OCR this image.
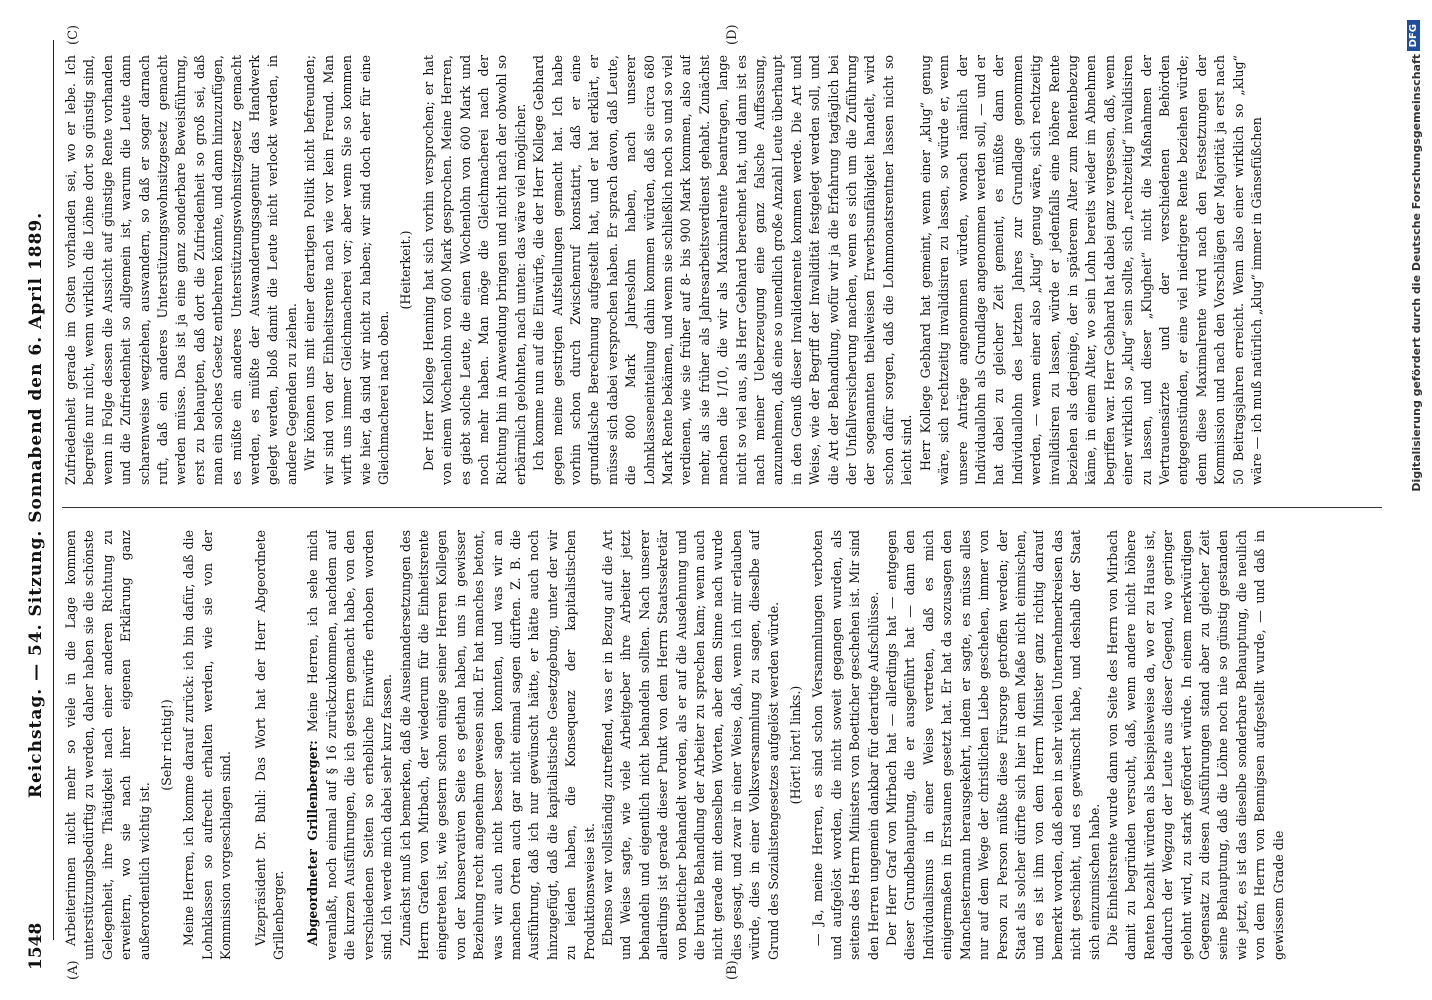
1548
Reichstag. — 54. Sitzung. Sonnabend den 6. April 1889.
(A)	(B)
(C)	(D)

Arbeiterinnen nicht mehr so viele in die Lage kommen unterstützungsbedürftig zu werden, daher haben sie die schönste Gelegenheit, ihre Thätigkeit nach einer anderen Richtung zu erweitern, wo sie nach ihrer eigenen Erklärung ganz außerordentlich wichtig ist.

(Sehr richtig!) Meine Herren, ich komme darauf zurück: ich bin dafür, daß die Lohnklassen so aufrecht erhalten werden, wie sie von der Kommission vorgeschlagen sind. Vizepräsident Dr. Buhl: Das Wort hat der Herr Abgeordnete Grillenberger. Abgeordneter Grillenberger: Meine Herren, ich sehe mich veranlaßt, noch einmal auf § 16 zurückzukommen, nachdem auf die kurzen Ausführungen, die ich gestern gemacht habe, von den verschiedenen Seiten so erhebliche Einwürfe erhoben worden sind. Ich werde mich dabei sehr kurz fassen. Zunächst muß ich bemerken, daß die Auseinandersetzungen des Herrn Grafen von Mirbach, der wiederum für die Einheitsrente eingetreten ist, wie gestern schon einige seiner Herren Kollegen von der konservativen Seite es gethan haben, uns in gewisser Beziehung recht angenehm gewesen sind. Er hat manches betont, was wir auch nicht besser sagen konnten, und was wir an manchen Orten auch gar nicht einmal sagen dürften. Z. B. die Ausführung, daß ich nur gewünscht hätte, er hätte auch noch hinzugefügt, daß die kapitalistische Gesetzgebung, unter der wir zu leiden haben, die Konsequenz der kapitalistischen Produktionsweise ist. Ebenso war vollständig zutreffend, was er in Bezug auf die Art und Weise sagte, wie viele Arbeitgeber ihre Arbeiter jetzt behandeln und eigentlich nicht behandeln sollten. Nach unserer allerdings ist gerade dieser Punkt von dem Herrn Staatssekretär von Boetticher behandelt worden, als er auf die Ausdehnung und die brutale Behandlung der Arbeiter zu sprechen kam; wenn auch nicht gerade mit denselben Worten, aber dem Sinne nach wurde dies gesagt, und zwar in einer Weise, daß, wenn ich mir erlauben würde, dies in einer Volksversammlung zu sagen, dieselbe auf Grund des Sozialistengesetzes aufgelöst werden würde. (Hört! hört! links.) — Ja, meine Herren, es sind schon Versammlungen verboten und aufgelöst worden, die nicht soweit gegangen wurden, als seitens des Herrn Ministers von Boetticher geschehen ist. Mir sind den Herren ungemein dankbar für derartige Aufschlüsse. Der Herr Graf von Mirbach hat — allerdings hat — entgegen dieser Grundbehauptung, die er ausgeführt hat — dann den Individualismus in einer Weise vertreten, daß es mich einigermaßen in Erstaunen gesetzt hat. Er hat da sozusagen den Manchestermann herausgekehrt, indem er sagte, es müsse alles nur auf dem Wege der christlichen Liebe geschehen, immer von Person zu Person müßte diese Fürsorge getroffen werden; der Staat als solcher dürfte sich hier in dem Maße nicht einmischen, und es ist ihm von dem Herrn Minister ganz richtig darauf bemerkt worden, daß eben in sehr vielen Unternehmerkreisen das nicht geschieht, und es gewünscht habe, und deshalb der Staat sich einzumischen habe. Die Einheitsrente wurde dann von Seite des Herrn von Mirbach damit zu begründen versucht, daß, wenn andere nicht höhere Renten bezahlt würden als beispielsweise da, wo er zu Hause ist, dadurch der Wegzug der Leute aus dieser Gegend, wo geringer gelohnt wird, zu stark gefördert würde. In einem merkwürdigen Gegensatz zu diesen Ausführungen stand aber zu gleicher Zeit seine Behauptung, daß die Löhne noch nie so günstig gestanden wie jetzt, es ist das dieselbe sonderbare Behauptung, die neulich von dem Herrn von Bennigsen aufgestellt wurde, — und daß in gewissem Grade die

Zufriedenheit gerade im Osten vorhanden sei, wo er lebe. Ich begreife nur nicht, wenn wirklich die Löhne dort so günstig sind, wenn in Folge dessen die Aussicht auf günstige Rente vorhanden und die Zufriedenheit so allgemein ist, warum die Leute dann scharenweise wegziehen, auswandern, so daß er sogar darnach ruft, daß ein anderes Unterstützungswohnsitzgesetz gemacht werden müsse. Das ist ja eine ganz sonderbare Beweisführung, erst zu behaupten, daß dort die Zufriedenheit so groß sei, daß man ein solches Gesetz entbehren könnte, und dann hinzuzufügen, es müßte ein anderes Unterstützungswohnsitzgesetz gemacht werden, es müßte der Auswanderungsagentur das Handwerk gelegt werden, bloß damit die Leute nicht verlockt werden, in andere Gegenden zu ziehen. Wir können uns mit einer derartigen Politik nicht befreunden; wir sind von der Einheitsrente nach wie vor kein Freund. Man wirft uns immer Gleichmacherei vor; aber wenn Sie so kommen wie hier, da sind wir nicht zu haben; wir sind doch eher für eine Gleichmacherei nach oben.

(Heiterkeit.) Der Herr Kollege Henning hat sich vorhin versprochen; er hat von einem Wochenlohn von 600 Mark gesprochen. Meine Herren, es giebt solche Leute, die einen Wochenlohn von 600 Mark und noch mehr haben. Man möge die Gleichmacherei nach der Richtung hin in Anwendung bringen und nicht nach der obwohl so erbärmlich gelohnten, nach unten: das wäre viel möglicher. Ich komme nun auf die Einwürfe, die der Herr Kollege Gebhard gegen meine gestrigen Aufstellungen gemacht hat. Ich habe vorhin schon durch Zwischenruf konstatirt, daß er eine grundfalsche Berechnung aufgestellt hat, und er hat erklärt, er müsse sich dabei versprochen haben. Er sprach davon, daß Leute, die 800 Mark Jahreslohn haben, nach unserer Lohnklasseneinteilung dahin kommen würden, daß sie circa 680 Mark Rente bekämen, und wenn sie schließlich noch so und so viel verdienen, wie sie früher auf 8- bis 900 Mark kommen, also auf mehr, als sie früher als Jahresarbeitsverdienst gehabt. Zunächst machen die 1/10, die wir als Maximalrente beantragen, lange nicht so viel aus, als Herr Gebhard berechnet hat, und dann ist es nach meiner Ueberzeugung eine ganz falsche Auffassung, anzunehmen, daß eine so unendlich große Anzahl Leute überhaupt in den Genuß dieser Invalidenrente kommen werde. Die Art und Weise, wie der Begriff der Invalidität festgelegt werden soll, und die Art der Behandlung, wofür wir ja die Erfahrung tagtäglich bei der Unfallversicherung machen, wenn es sich um die Zuführung der sogenannten theilweisen Erwerbsunfähigkeit handelt, wird schon dafür sorgen, daß die Lohnmonatsrentner lassen nicht so leicht sind. Herr Kollege Gebhard hat gemeint, wenn einer „klug“ genug wäre, sich rechtzeitig invalidisiren zu lassen, so würde er, wenn unsere Anträge angenommen würden, wonach nämlich der Individuallohn als Grundlage angenommen werden soll, — und er hat dabei zu gleicher Zeit gemeint, es müßte dann der Individuallohn des letzten Jahres zur Grundlage genommen werden, — wenn einer also „klug“ genug wäre, sich rechtzeitig invalidisiren zu lassen, würde er jedenfalls eine höhere Rente beziehen als derjenige, der in späterem Alter zum Rentenbezug käme, in einem Alter, wo sein Lohn bereits wieder im Abnehmen begriffen war. Herr Gebhard hat dabei ganz vergessen, daß, wenn einer wirklich so „klug“ sein sollte, sich „rechtzeitig“ invalidisiren zu lassen, und dieser „Klugheit“ nicht die Maßnahmen der Vertrauensärzte und der verschiedenen Behörden entgegenstünden, er eine viel niedrigere Rente beziehen würde; denn diese Maximalrente wird nach den Festsetzungen der Kommission und nach den Vorschlägen der Majorität ja erst nach 50 Beitragsjahren erreicht. Wenn also einer wirklich so „klug“ wäre — ich muß natürlich „klug“ immer in Gänsefüßchen	Digitalisierung gefördert durch die Deutsche Forschungsgemeinschaft
DFG
